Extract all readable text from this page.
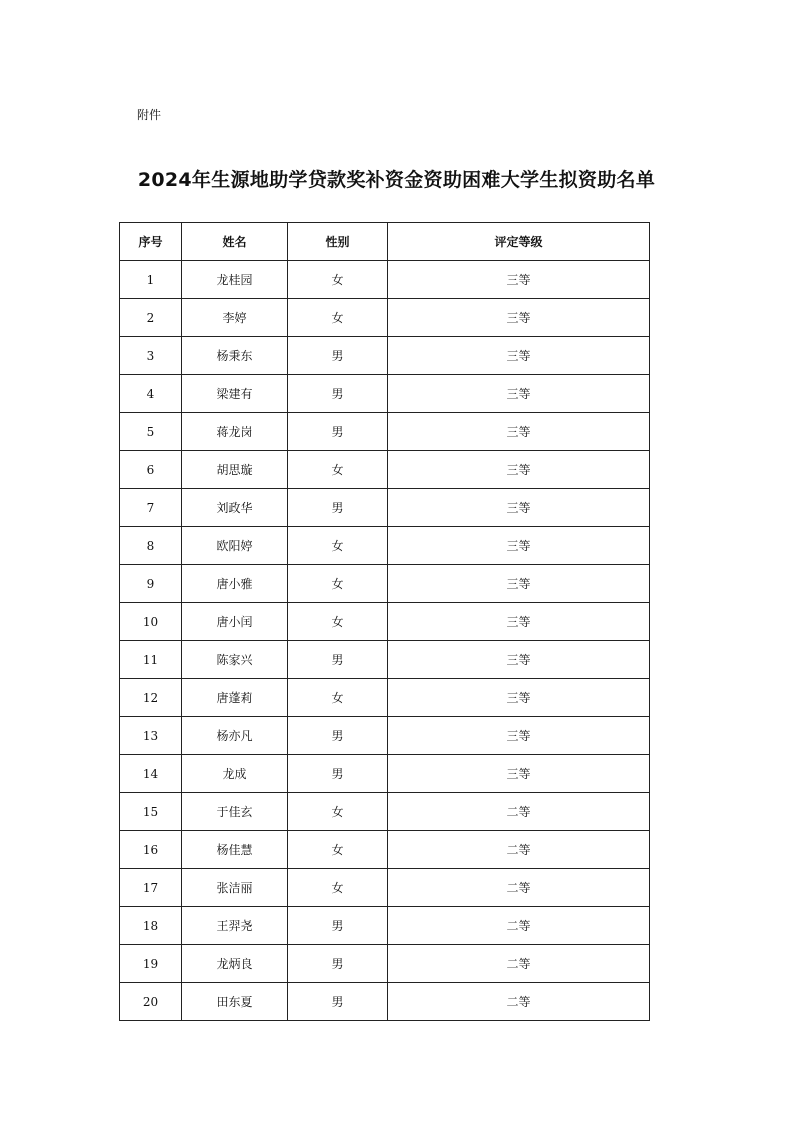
附件
2024年生源地助学贷款奖补资金资助困难大学生拟资助名单
序号	姓名	性别	评定等级
1	龙桂园	女	三等
2	李婷	女	三等
3	杨秉东	男	三等
4	梁建有	男	三等
5	蒋龙岗	男	三等
6	胡思璇	女	三等
7	刘政华	男	三等
8	欧阳婷	女	三等
9	唐小雅	女	三等
10	唐小闰	女	三等
11	陈家兴	男	三等
12	唐蓬莉	女	三等
13	杨亦凡	男	三等
14	龙成	男	三等
15	于佳玄	女	二等
16	杨佳慧	女	二等
17	张洁丽	女	二等
18	王羿尧	男	二等
19	龙炳良	男	二等
20	田东夏	男	二等
